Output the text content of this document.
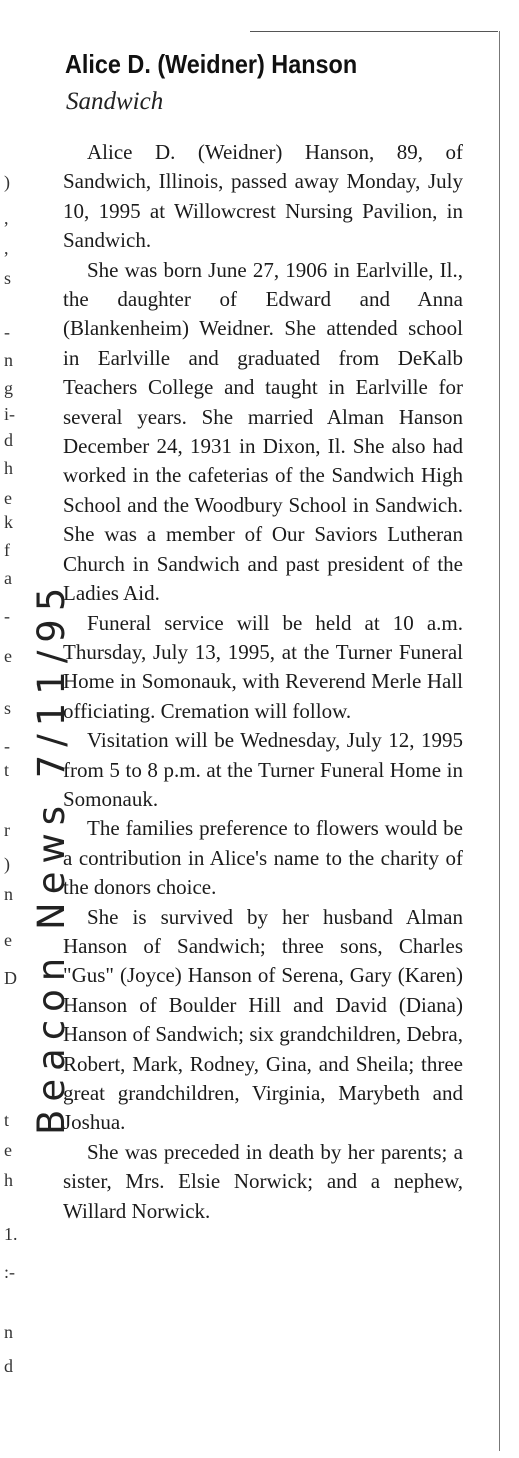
)
,
,
s
-
n
g
i-
d
h
e
k
f
a
-
e
s
-
t
r
)
n
e
D
t
e
h
1.
:-
n
d
Alice D. (Weidner) Hanson
Sandwich

Alice D. (Weidner) Hanson, 89, of Sandwich, Illinois, passed away Monday, July 10, 1995 at Willowcrest Nursing Pavilion, in Sandwich.

She was born June 27, 1906 in Earlville, Il., the daughter of Edward and Anna (Blankenheim) Weidner. She attended school in Earlville and graduated from DeKalb Teachers College and taught in Earlville for several years. She married Alman Hanson December 24, 1931 in Dixon, Il. She also had worked in the cafeterias of the Sandwich High School and the Woodbury School in Sandwich. She was a member of Our Saviors Lutheran Church in Sandwich and past president of the Ladies Aid.

Funeral service will be held at 10 a.m. Thursday, July 13, 1995, at the Turner Funeral Home in Somonauk, with Reverend Merle Hall officiating. Cremation will follow.

Visitation will be Wednesday, July 12, 1995 from 5 to 8 p.m. at the Turner Funeral Home in Somonauk.

The families preference to flowers would be a contribution in Alice's name to the charity of the donors choice.

She is survived by her husband Alman Hanson of Sandwich; three sons, Charles "Gus" (Joyce) Hanson of Serena, Gary (Karen) Hanson of Boulder Hill and David (Diana) Hanson of Sandwich; six grandchildren, Debra, Robert, Mark, Rodney, Gina, and Sheila; three great grandchildren, Virginia, Marybeth and Joshua.

She was preceded in death by her parents; a sister, Mrs. Elsie Norwick; and a nephew, Willard Norwick.

Beacon News 7/11/95
